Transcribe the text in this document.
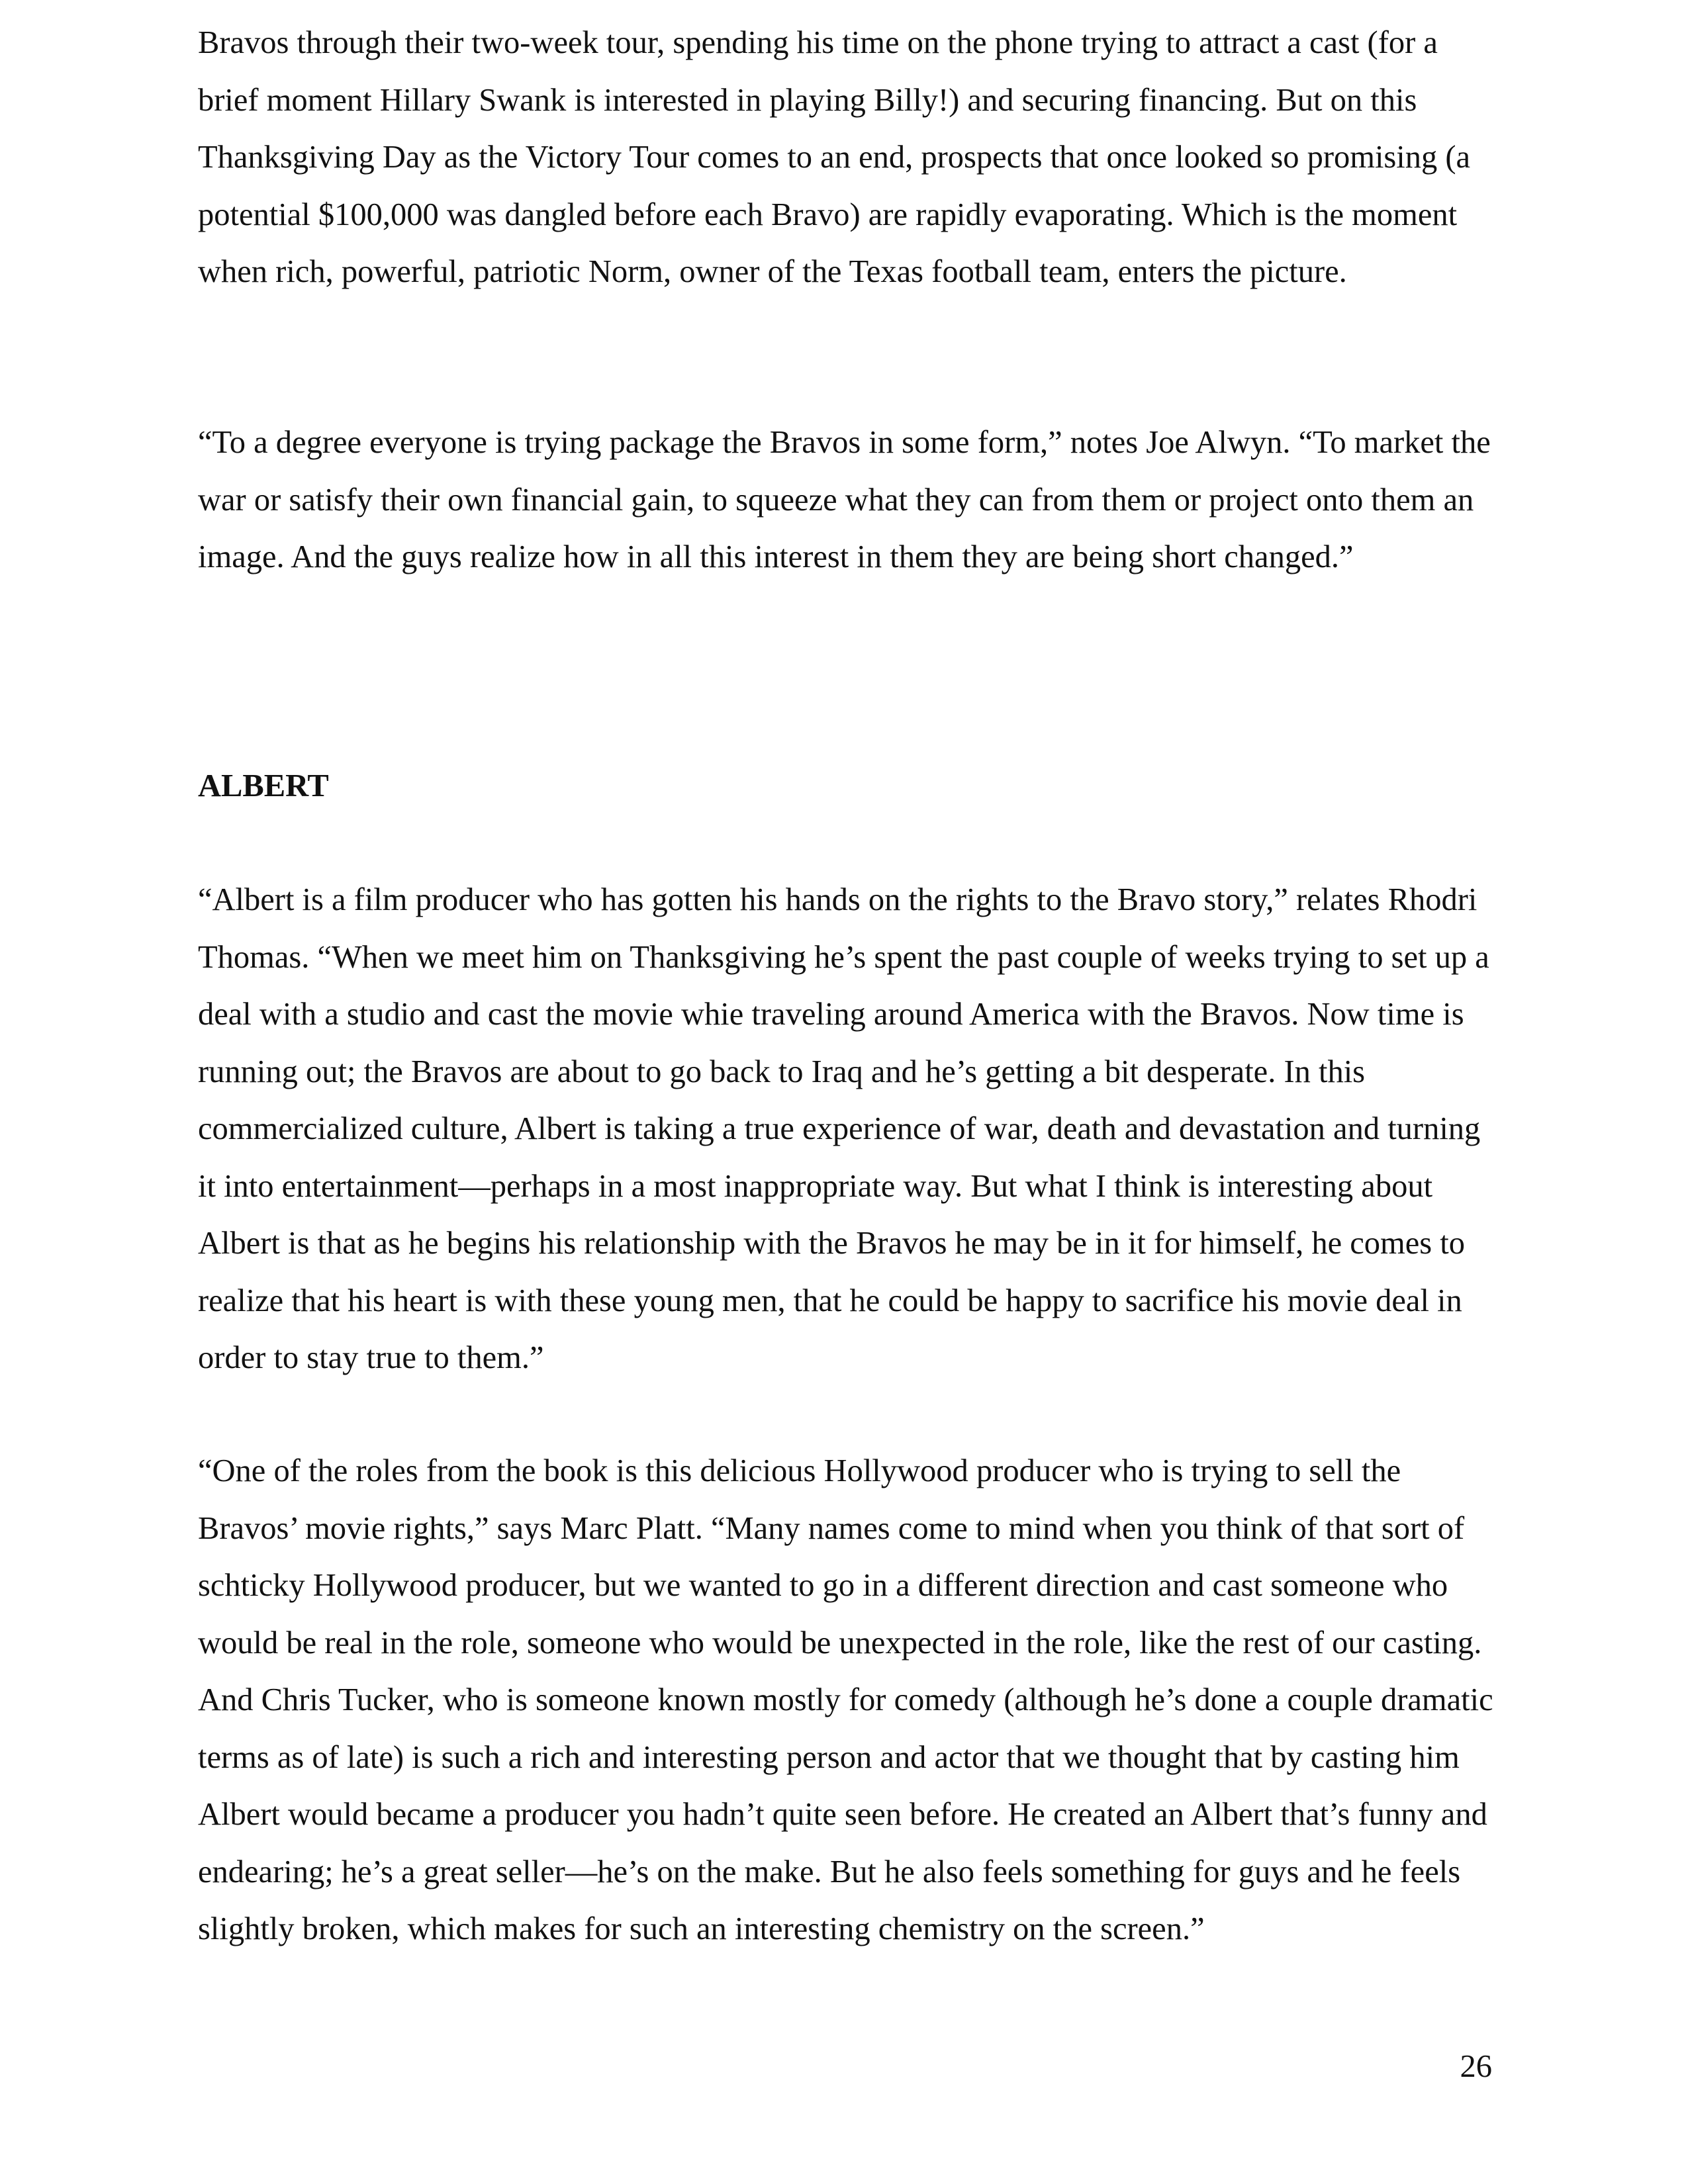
Bravos through their two-week tour, spending his time on the phone trying to attract a cast (for a brief moment Hillary Swank is interested in playing Billy!) and securing financing. But on this Thanksgiving Day as the Victory Tour comes to an end, prospects that once looked so promising (a potential $100,000 was dangled before each Bravo) are rapidly evaporating. Which is the moment when rich, powerful, patriotic Norm, owner of the Texas football team, enters the picture.

“To a degree everyone is trying package the Bravos in some form,” notes Joe Alwyn. “To market the war or satisfy their own financial gain, to squeeze what they can from them or project onto them an image. And the guys realize how in all this interest in them they are being short changed.”

ALBERT

“Albert is a film producer who has gotten his hands on the rights to the Bravo story,” relates Rhodri Thomas. “When we meet him on Thanksgiving he’s spent the past couple of weeks trying to set up a deal with a studio and cast the movie whie traveling around America with the Bravos. Now time is running out; the Bravos are about to go back to Iraq and he’s getting a bit desperate. In this commercialized culture, Albert is taking a true experience of war, death and devastation and turning it into entertainment—perhaps in a most inappropriate way. But what I think is interesting about Albert is that as he begins his relationship with the Bravos he may be in it for himself, he comes to realize that his heart is with these young men, that he could be happy to sacrifice his movie deal in order to stay true to them.”

“One of the roles from the book is this delicious Hollywood producer who is trying to sell the Bravos’ movie rights,” says Marc Platt. “Many names come to mind when you think of that sort of schticky Hollywood producer, but we wanted to go in a different direction and cast someone who would be real in the role, someone who would be unexpected in the role, like the rest of our casting. And Chris Tucker, who is someone known mostly for comedy (although he’s done a couple dramatic terms as of late) is such a rich and interesting person and actor that we thought that by casting him Albert would became a producer you hadn’t quite seen before. He created an Albert that’s funny and endearing; he’s a great seller—he’s on the make. But he also feels something for guys and he feels slightly broken, which makes for such an interesting chemistry on the screen.”

26
